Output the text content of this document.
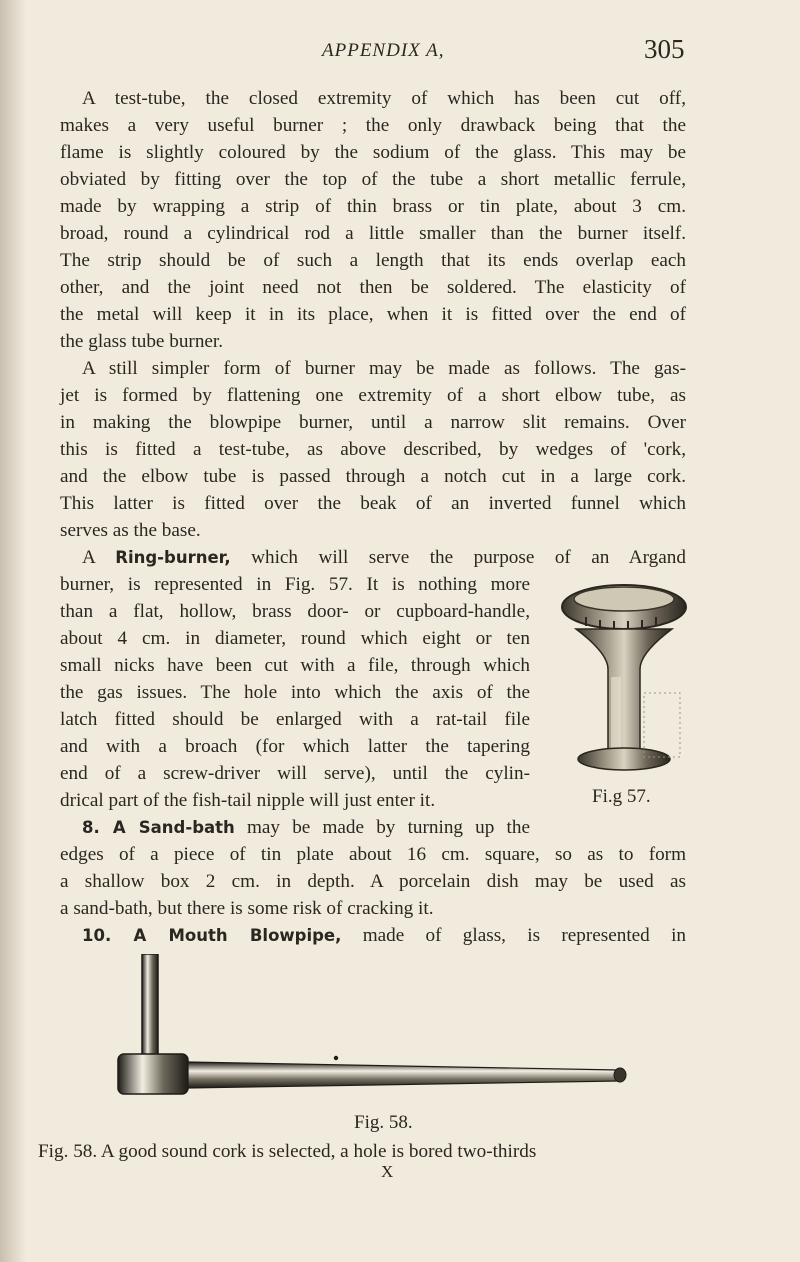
APPENDIX A,	305
A test-tube, the closed extremity of which has been cut off,
makes a very useful burner ; the only drawback being that the
flame is slightly coloured by the sodium of the glass. This may be
obviated by fitting over the top of the tube a short metallic ferrule,
made by wrapping a strip of thin brass or tin plate, about 3 cm.
broad, round a cylindrical rod a little smaller than the burner itself.
The strip should be of such a length that its ends overlap each
other, and the joint need not then be soldered. The elasticity of
the metal will keep it in its place, when it is fitted over the end of
the glass tube burner.
A still simpler form of burner may be made as follows. The gas-
jet is formed by flattening one extremity of a short elbow tube, as
in making the blowpipe burner, until a narrow slit remains. Over
this is fitted a test-tube, as above described, by wedges of 'cork,
and the elbow tube is passed through a notch cut in a large cork.
This latter is fitted over the beak of an inverted funnel which
serves as the base.
A Ring-burner, which will serve the purpose of an Argand
burner, is represented in Fig. 57. It is nothing more
than a flat, hollow, brass door- or cupboard-handle,
about 4 cm. in diameter, round which eight or ten
small nicks have been cut with a file, through which
the gas issues. The hole into which the axis of the
latch fitted should be enlarged with a rat-tail file
and with a broach (for which latter the tapering
end of a screw-driver will serve), until the cylin-
drical part of the fish-tail nipple will just enter it.
8. A Sand-bath may be made by turning up the
edges of a piece of tin plate about 16 cm. square, so as to form
a shallow box 2 cm. in depth. A porcelain dish may be used as
a sand-bath, but there is some risk of cracking it.
10. A Mouth Blowpipe, made of glass, is represented in
Fi.g 57.
Fig. 58.
Fig. 58. A good sound cork is selected, a hole is bored two-thirds
X
